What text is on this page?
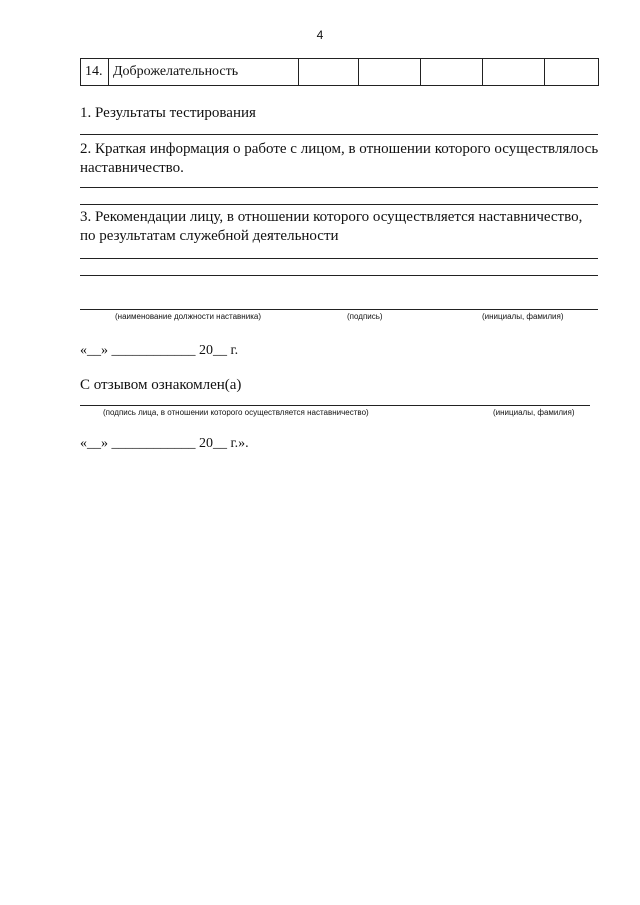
4
14.	Доброжелательность					
1. Результаты тестирования
2. Краткая информация о работе с лицом, в отношении которого осуществлялось
наставничество.
3. Рекомендации лицу, в отношении которого осуществляется наставничество,
по результатам служебной деятельности
(наименование должности наставника)	(подпись)	(инициалы, фамилия)
«__» ____________ 20__ г.
С отзывом ознакомлен(а)
(подпись лица, в отношении которого осуществляется наставничество)	(инициалы, фамилия)
«__» ____________ 20__ г.».
